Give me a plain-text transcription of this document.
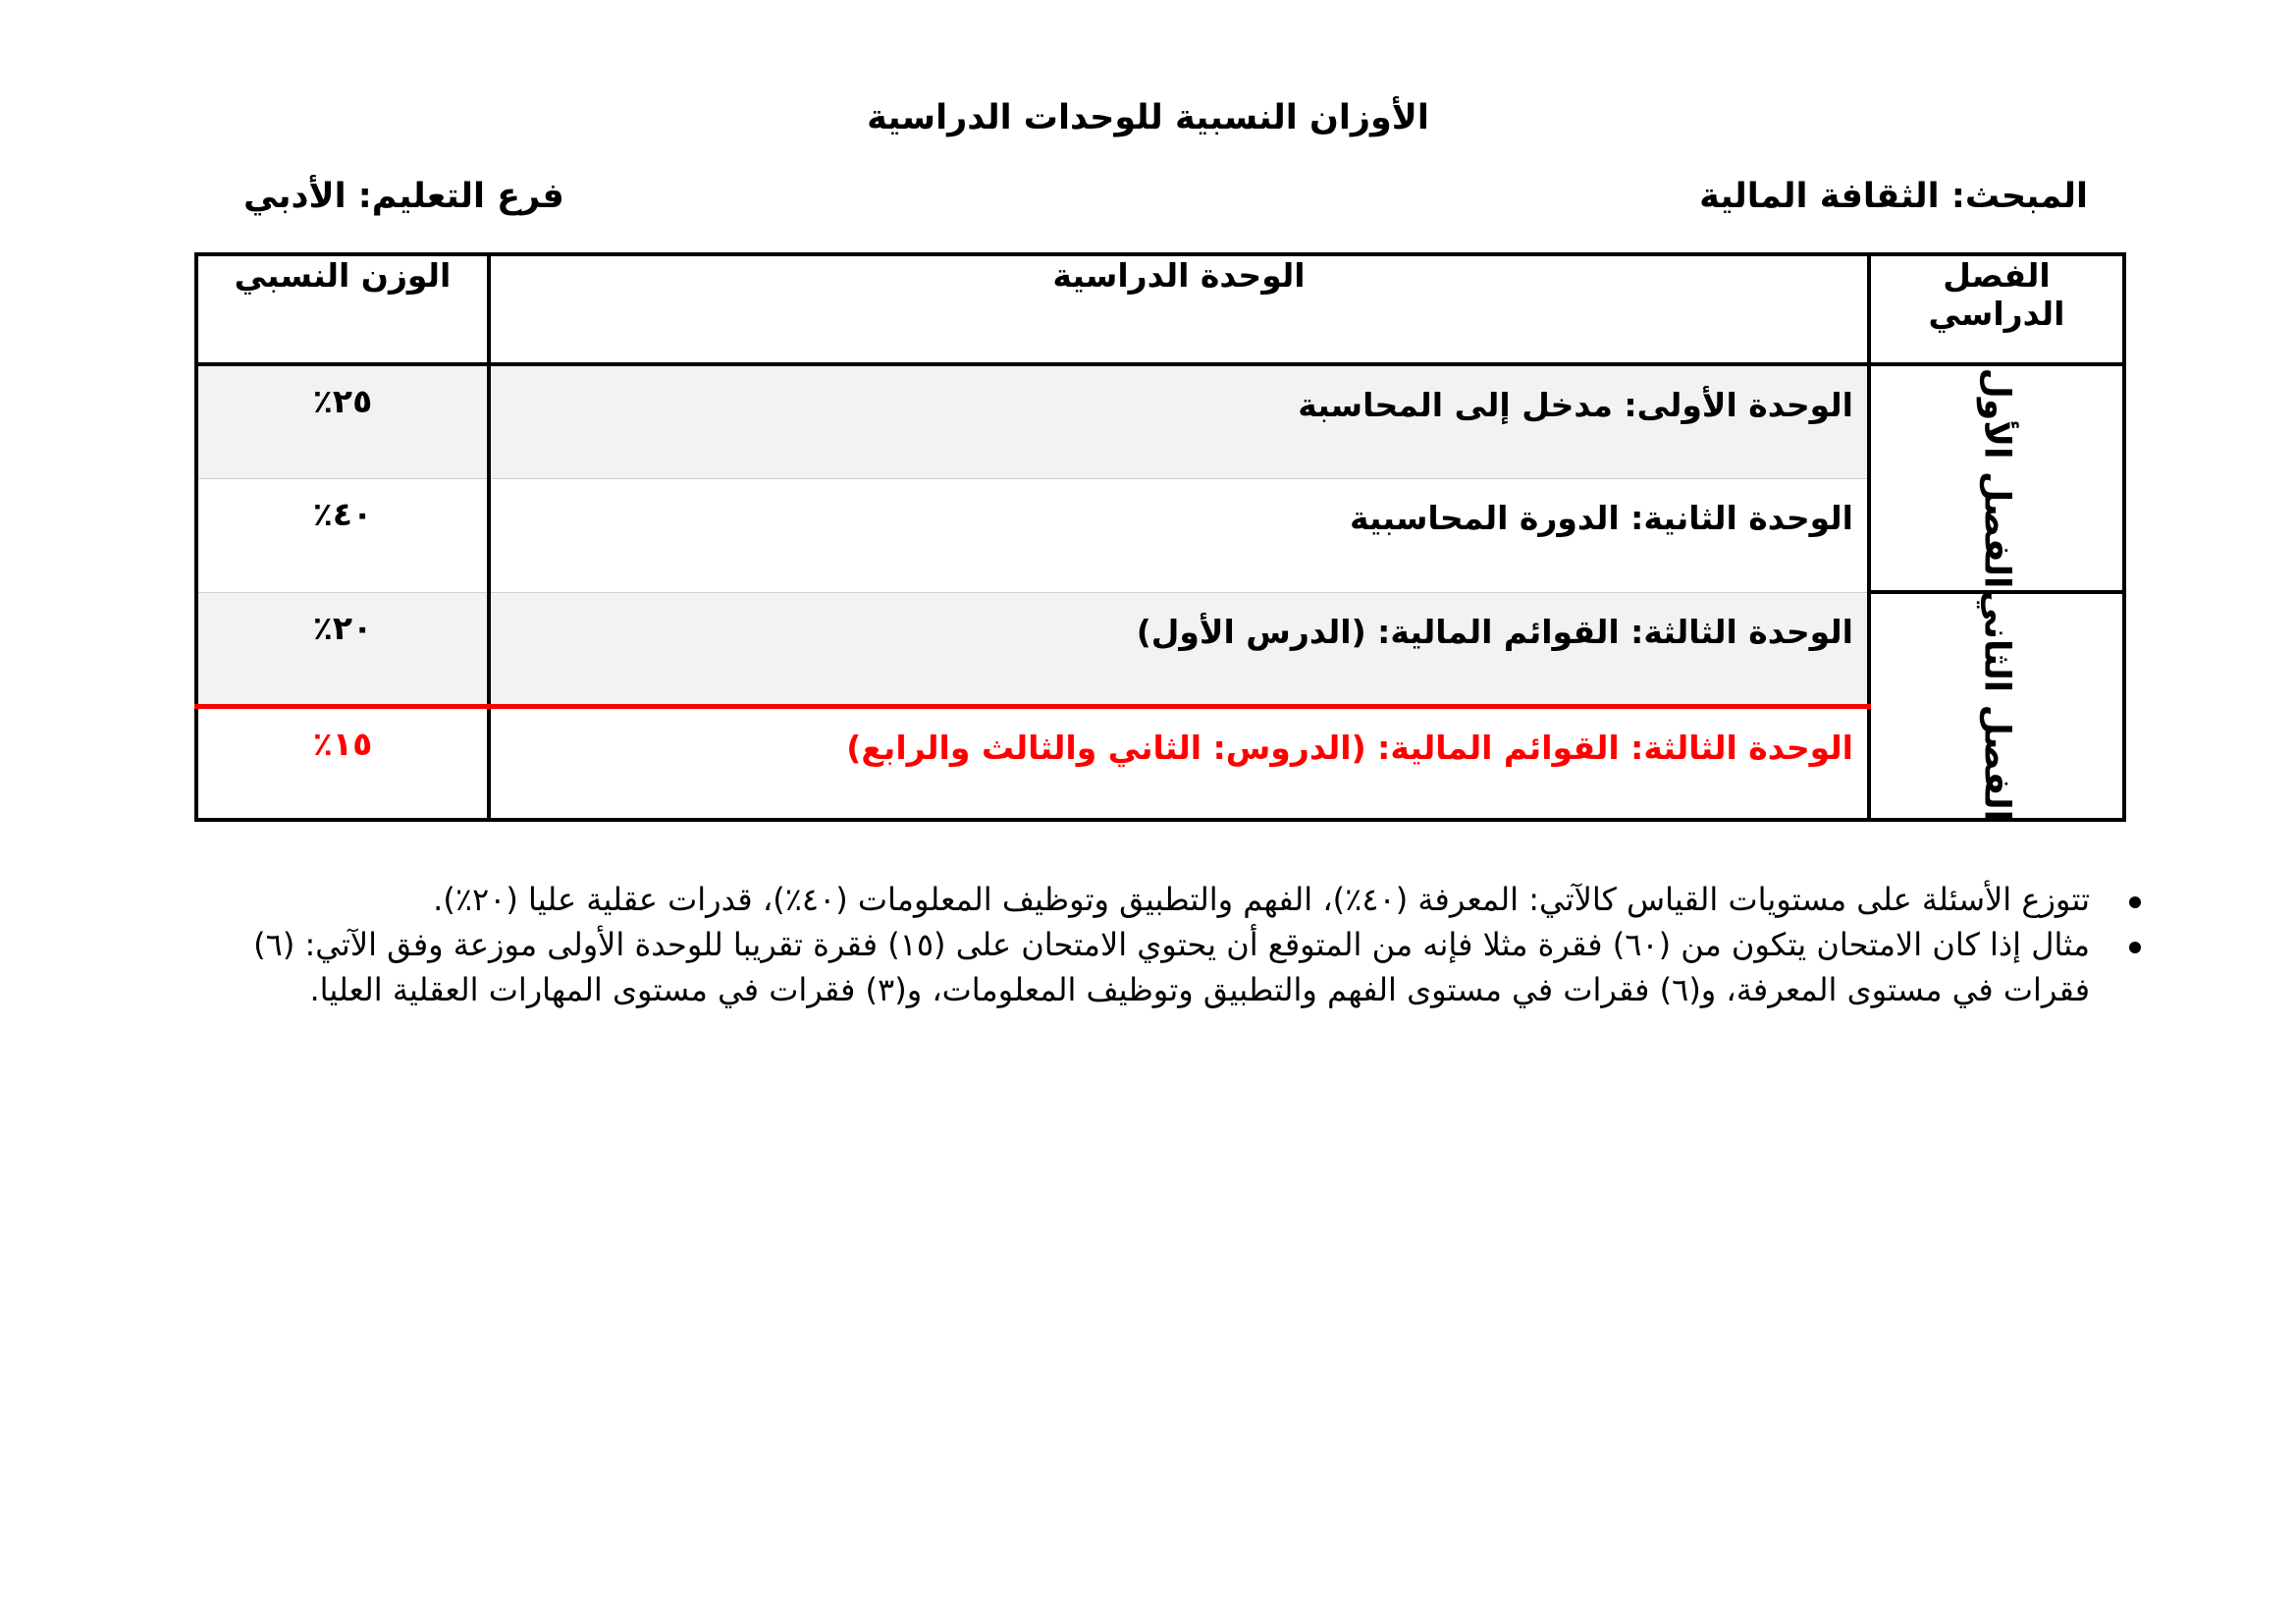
الأوزان النسبية للوحدات الدراسية
المبحث: الثقافة المالية
فرع التعليم: الأدبي
الفصل الدراسي	الوحدة الدراسية	الوزن النسبي

الفصل الأول	الوحدة الأولى: مدخل إلى المحاسبة	٢٥٪
	الوحدة الثانية: الدورة المحاسبية	٤٠٪

الفصل الثاني	الوحدة الثالثة: القوائم المالية: (الدرس الأول)	٢٠٪
	الوحدة الثالثة: القوائم المالية: (الدروس: الثاني والثالث والرابع)	١٥٪
تتوزع الأسئلة على مستويات القياس كالآتي: المعرفة (٤٠٪)، الفهم والتطبيق وتوظيف المعلومات (٤٠٪)، قدرات عقلية عليا (٢٠٪).
مثال إذا كان الامتحان يتكون من (٦٠) فقرة مثلا فإنه من المتوقع أن يحتوي الامتحان على (١٥) فقرة تقريبا للوحدة الأولى موزعة وفق الآتي: (٦) فقرات في مستوى المعرفة، و(٦) فقرات في مستوى الفهم والتطبيق وتوظيف المعلومات، و(٣) فقرات في مستوى المهارات العقلية العليا.
